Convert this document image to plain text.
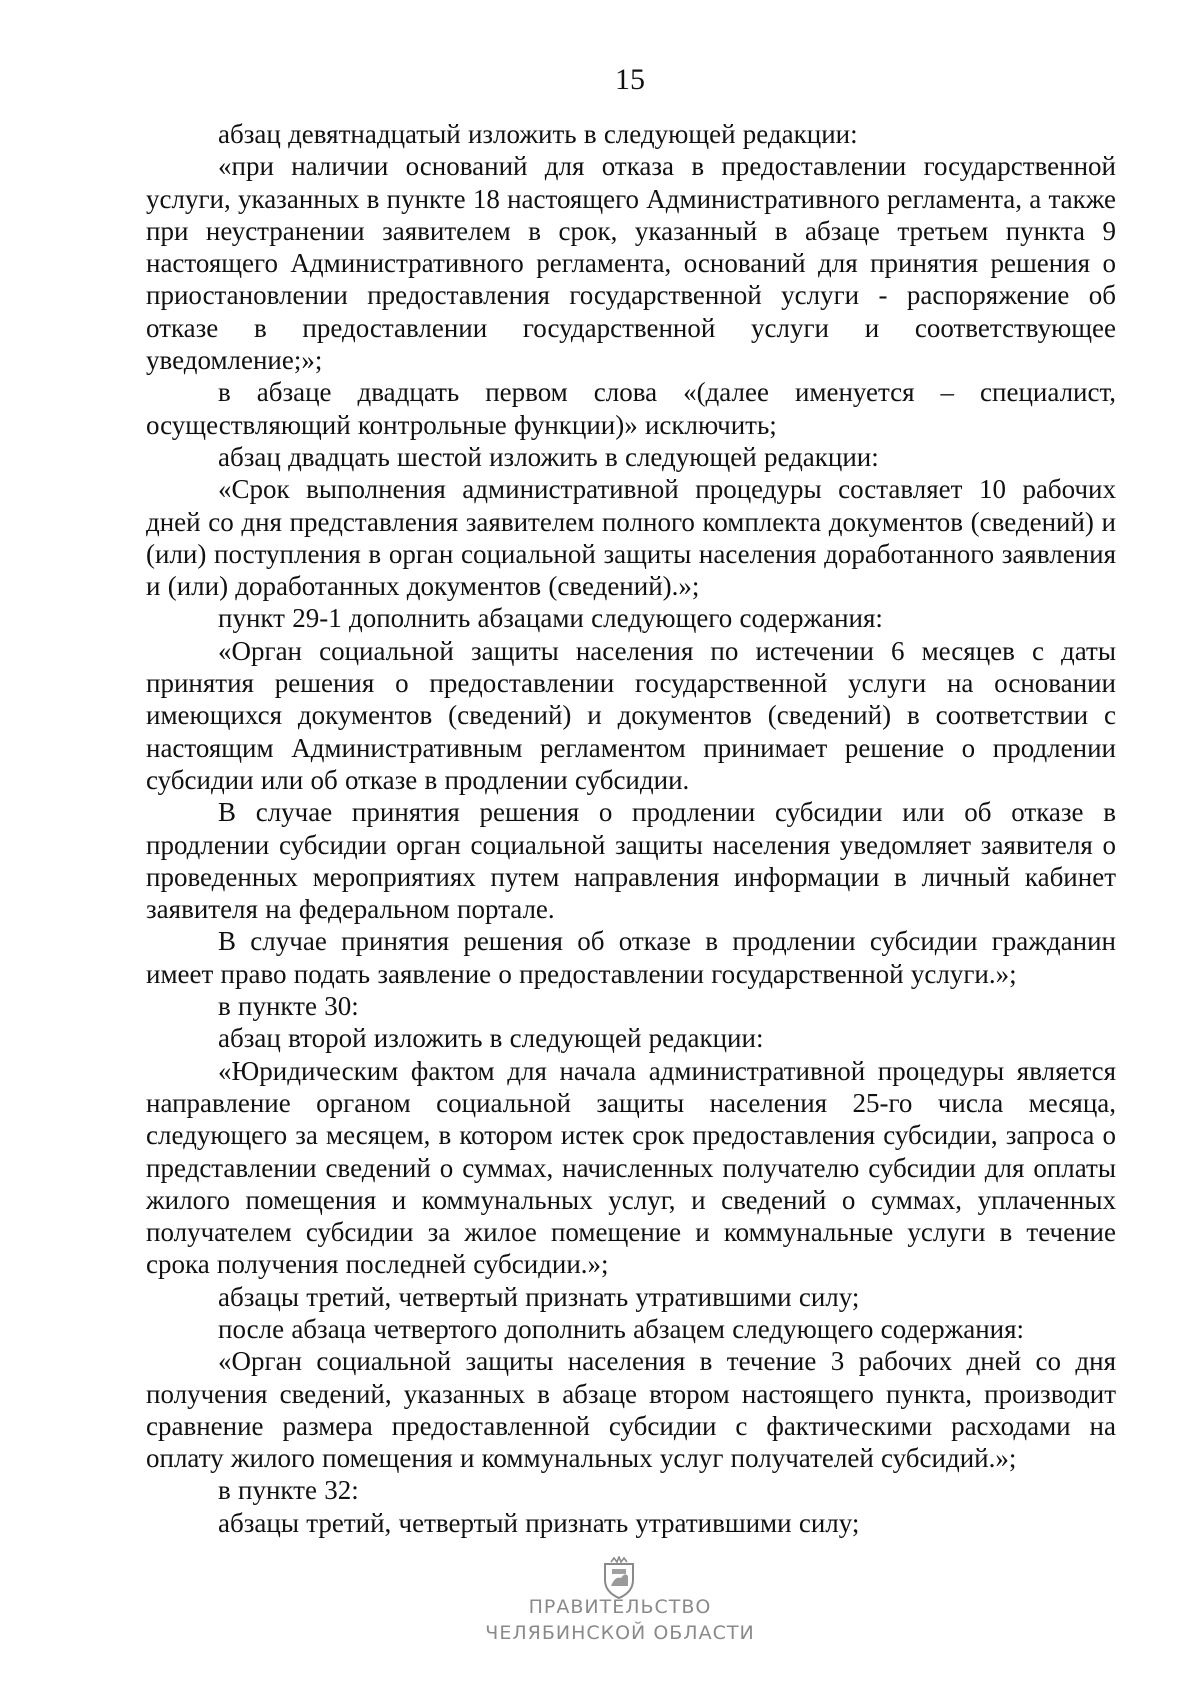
15

абзац девятнадцатый изложить в следующей редакции:

«при наличии оснований для отказа в предоставлении государственной услуги, указанных в пункте 18 настоящего Административного регламента, а также при неустранении заявителем в срок, указанный в абзаце третьем пункта 9 настоящего Административного регламента, оснований для принятия решения о приостановлении предоставления государственной услуги - распоряжение об отказе в предоставлении государственной услуги и соответствующее уведомление;»;

в абзаце двадцать первом слова «(далее именуется – специалист, осуществляющий контрольные функции)» исключить;

абзац двадцать шестой изложить в следующей редакции:

«Срок выполнения административной процедуры составляет 10 рабочих дней со дня представления заявителем полного комплекта документов (сведений) и (или) поступления в орган социальной защиты населения доработанного заявления и (или) доработанных документов (сведений).»;

пункт 29-1 дополнить абзацами следующего содержания:

«Орган социальной защиты населения по истечении 6 месяцев с даты принятия решения о предоставлении государственной услуги на основании имеющихся документов (сведений) и документов (сведений) в соответствии с настоящим Административным регламентом принимает решение о продлении субсидии или об отказе в продлении субсидии.

В случае принятия решения о продлении субсидии или об отказе в продлении субсидии орган социальной защиты населения уведомляет заявителя о проведенных мероприятиях путем направления информации в личный кабинет заявителя на федеральном портале.

В случае принятия решения об отказе в продлении субсидии гражданин имеет право подать заявление о предоставлении государственной услуги.»;

в пункте 30:

абзац второй изложить в следующей редакции:

«Юридическим фактом для начала административной процедуры является направление органом социальной защиты населения 25-го числа месяца, следующего за месяцем, в котором истек срок предоставления субсидии, запроса о представлении сведений о суммах, начисленных получателю субсидии для оплаты жилого помещения и коммунальных услуг, и сведений о суммах, уплаченных получателем субсидии за жилое помещение и коммунальные услуги в течение срока получения последней субсидии.»;

абзацы третий, четвертый признать утратившими силу;

после абзаца четвертого дополнить абзацем следующего содержания:

«Орган социальной защиты населения в течение 3 рабочих дней со дня получения сведений, указанных в абзаце втором настоящего пункта, производит сравнение размера предоставленной субсидии с фактическими расходами на оплату жилого помещения и коммунальных услуг получателей субсидий.»;

в пункте 32:

абзацы третий, четвертый признать утратившими силу;

ПРАВИТЕЛЬСТВО
ЧЕЛЯБИНСКОЙ ОБЛАСТИ
